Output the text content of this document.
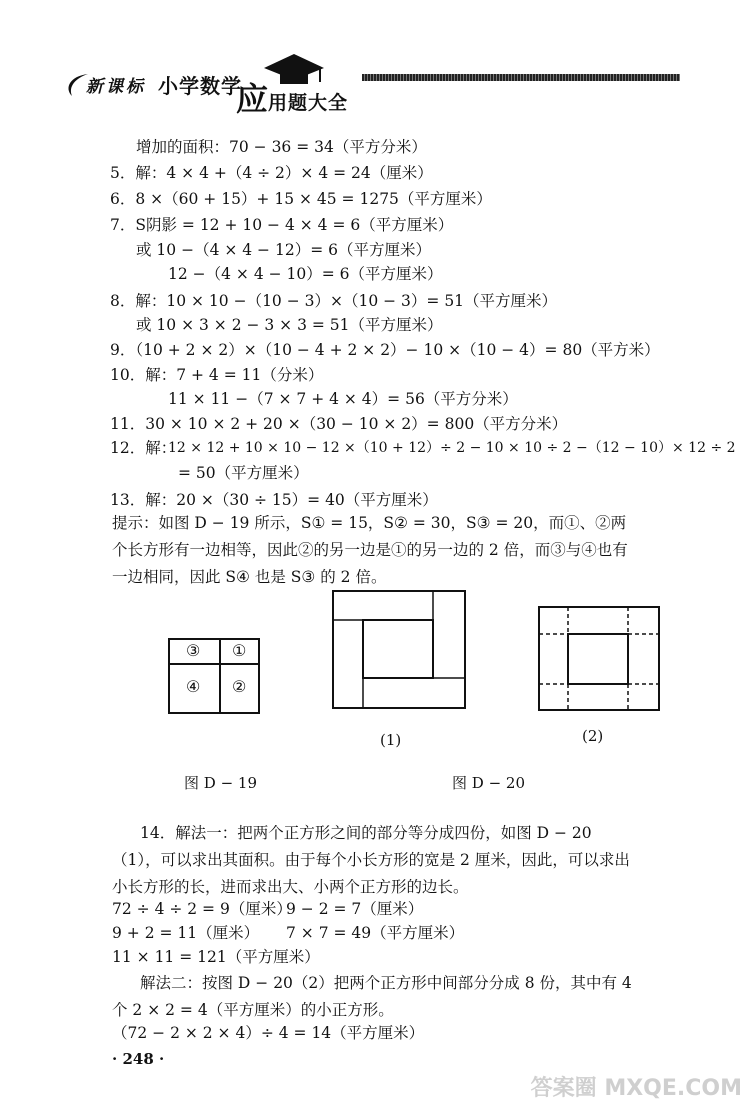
新课标 小学数学
应 用题大全
增加的面积：70 − 36 = 34（平方分米）
5．解：4 × 4 +（4 ÷ 2）× 4 = 24（厘米）
6．8 ×（60 + 15）+ 15 × 45 = 1275（平方厘米）
7．S阴影 = 12 + 10 − 4 × 4 = 6（平方厘米）
或 10 −（4 × 4 − 12）= 6（平方厘米）
12 −（4 × 4 − 10）= 6（平方厘米）
8．解：10 × 10 −（10 − 3）×（10 − 3）= 51（平方厘米）
或 10 × 3 × 2 − 3 × 3 = 51（平方厘米）
9．（10 + 2 × 2）×（10 − 4 + 2 × 2）− 10 ×（10 − 4）= 80（平方米）
10．解：7 + 4 = 11（分米）
11 × 11 −（7 × 7 + 4 × 4）= 56（平方分米）
11．30 × 10 × 2 + 20 ×（30 − 10 × 2）= 800（平方分米）
12．解：
12 × 12 + 10 × 10 − 12 ×（10 + 12）÷ 2 − 10 × 10 ÷ 2 −（12 − 10）× 12 ÷ 2
= 50（平方厘米）
13．解：20 ×（30 ÷ 15）= 40（平方厘米）
提示：如图 D − 19 所示，S① = 15，S② = 30，S③ = 20，而①、②两个长方形有一边相等，因此②的另一边是①的另一边的 2 倍，而③与④也有一边相同，因此 S④ 也是 S③ 的 2 倍。
③ ①
④ ②
图 D − 19
(1)	(2)
图 D − 20
14．解法一：把两个正方形之间的部分等分成四份，如图 D − 20（1），可以求出其面积。由于每个小长方形的宽是 2 厘米，因此，可以求出小长方形的长，进而求出大、小两个正方形的边长。
72 ÷ 4 ÷ 2 = 9（厘米）
9 − 2 = 7（厘米）
9 + 2 = 11（厘米） 7 × 7 = 49（平方厘米）
11 × 11 = 121（平方厘米）
解法二：按图 D − 20（2）把两个正方形中间部分分成 8 份，其中有 4 个 2 × 2 = 4（平方厘米）的小正方形。
（72 − 2 × 2 × 4）÷ 4 = 14（平方厘米）
· 248 ·
答案圈 MXQE.COM
